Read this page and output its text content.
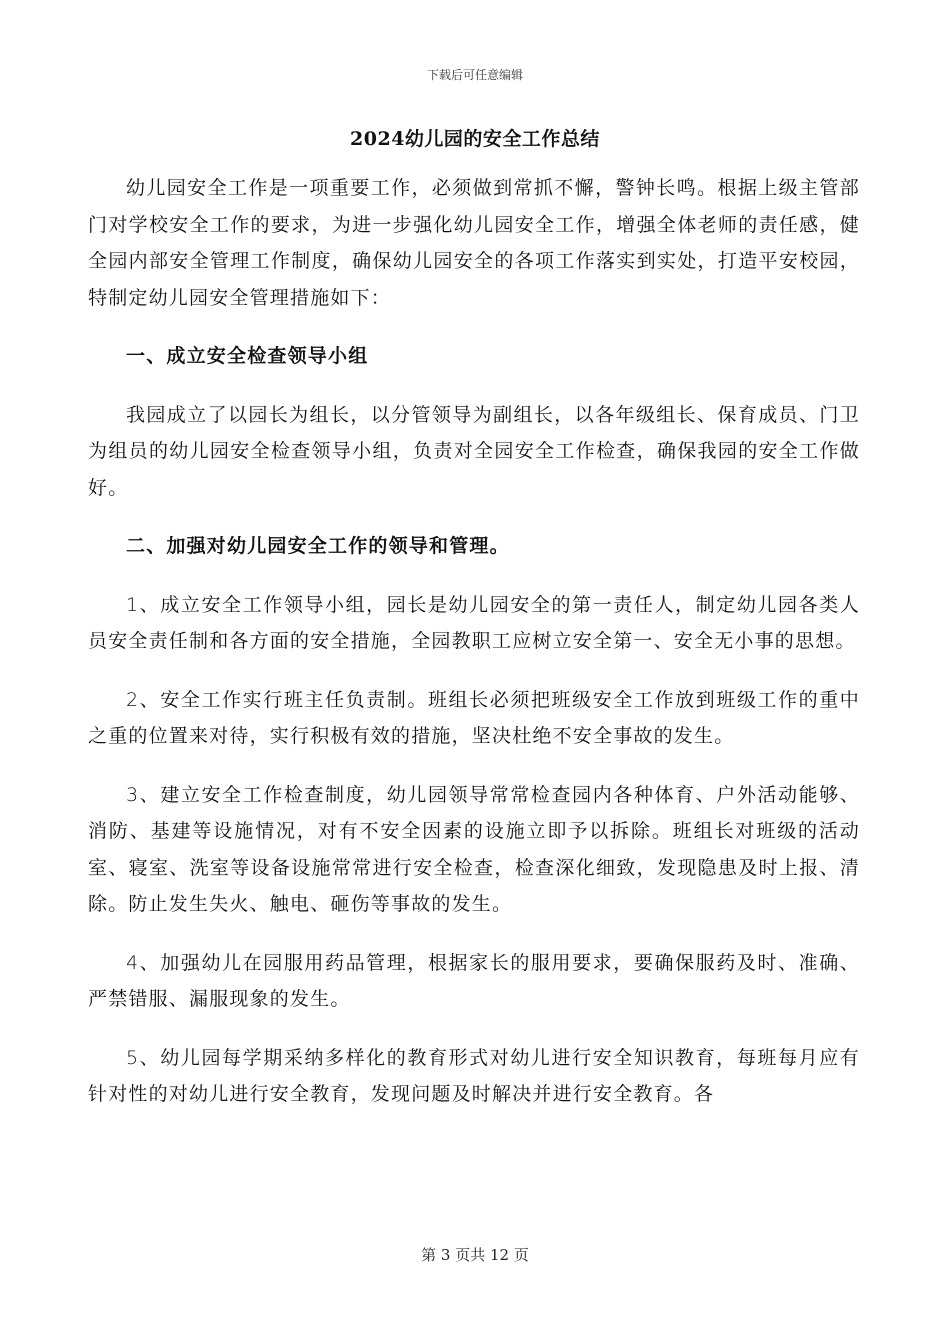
下载后可任意编辑
2024幼儿园的安全工作总结

幼儿园安全工作是一项重要工作，必须做到常抓不懈，警钟长鸣。根据上级主管部门对学校安全工作的要求，为进一步强化幼儿园安全工作，增强全体老师的责任感，健全园内部安全管理工作制度，确保幼儿园安全的各项工作落实到实处，打造平安校园，特制定幼儿园安全管理措施如下：

一、成立安全检查领导小组

我园成立了以园长为组长，以分管领导为副组长，以各年级组长、保育成员、门卫为组员的幼儿园安全检查领导小组，负责对全园安全工作检查，确保我园的安全工作做好。

二、加强对幼儿园安全工作的领导和管理。

1、成立安全工作领导小组，园长是幼儿园安全的第一责任人，制定幼儿园各类人员安全责任制和各方面的安全措施，全园教职工应树立安全第一、安全无小事的思想。

2、安全工作实行班主任负责制。班组长必须把班级安全工作放到班级工作的重中之重的位置来对待，实行积极有效的措施，坚决杜绝不安全事故的发生。

3、建立安全工作检查制度，幼儿园领导常常检查园内各种体育、户外活动能够、消防、基建等设施情况，对有不安全因素的设施立即予以拆除。班组长对班级的活动室、寝室、洗室等设备设施常常进行安全检查，检查深化细致，发现隐患及时上报、清除。防止发生失火、触电、砸伤等事故的发生。

4、加强幼儿在园服用药品管理，根据家长的服用要求，要确保服药及时、准确、严禁错服、漏服现象的发生。

5、幼儿园每学期采纳多样化的教育形式对幼儿进行安全知识教育，每班每月应有针对性的对幼儿进行安全教育，发现问题及时解决并进行安全教育。各

第 3 页共 12 页
